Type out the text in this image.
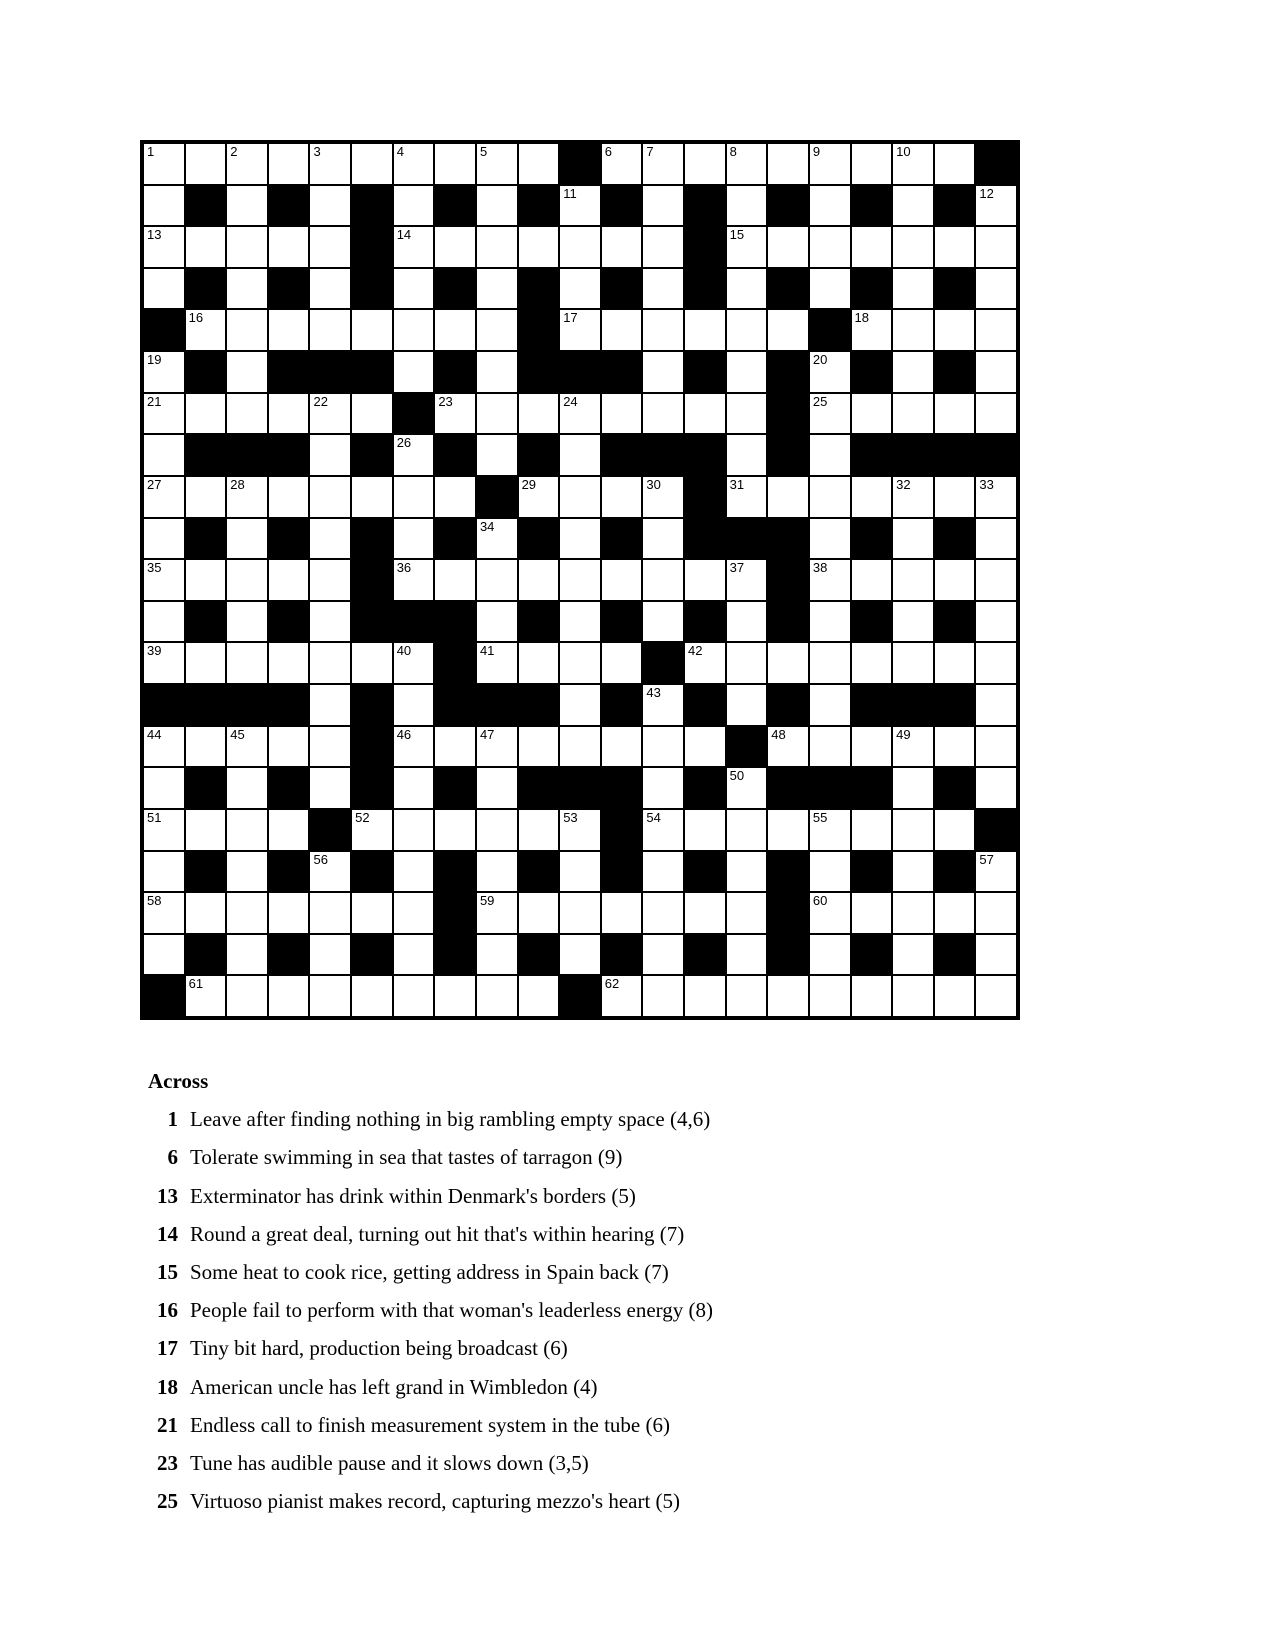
1	2	3	4	5	6	7	8	9	10
11	12
13	14	15
16	17	18
19	20
21	22	23	24	25
26
27	28	29	30	31	32	33
34
35	36	37	38
39	40	41	42
43
44	45	46	47	48	49
50
51	52	53	54	55
56	57
58	59	60
61	62
Across
1 Leave after finding nothing in big rambling empty space (4,6)
6 Tolerate swimming in sea that tastes of tarragon (9)
13 Exterminator has drink within Denmark's borders (5)
14 Round a great deal, turning out hit that's within hearing (7)
15 Some heat to cook rice, getting address in Spain back (7)
16 People fail to perform with that woman's leaderless energy (8)
17 Tiny bit hard, production being broadcast (6)
18 American uncle has left grand in Wimbledon (4)
21 Endless call to finish measurement system in the tube (6)
23 Tune has audible pause and it slows down (3,5)
25 Virtuoso pianist makes record, capturing mezzo's heart (5)
